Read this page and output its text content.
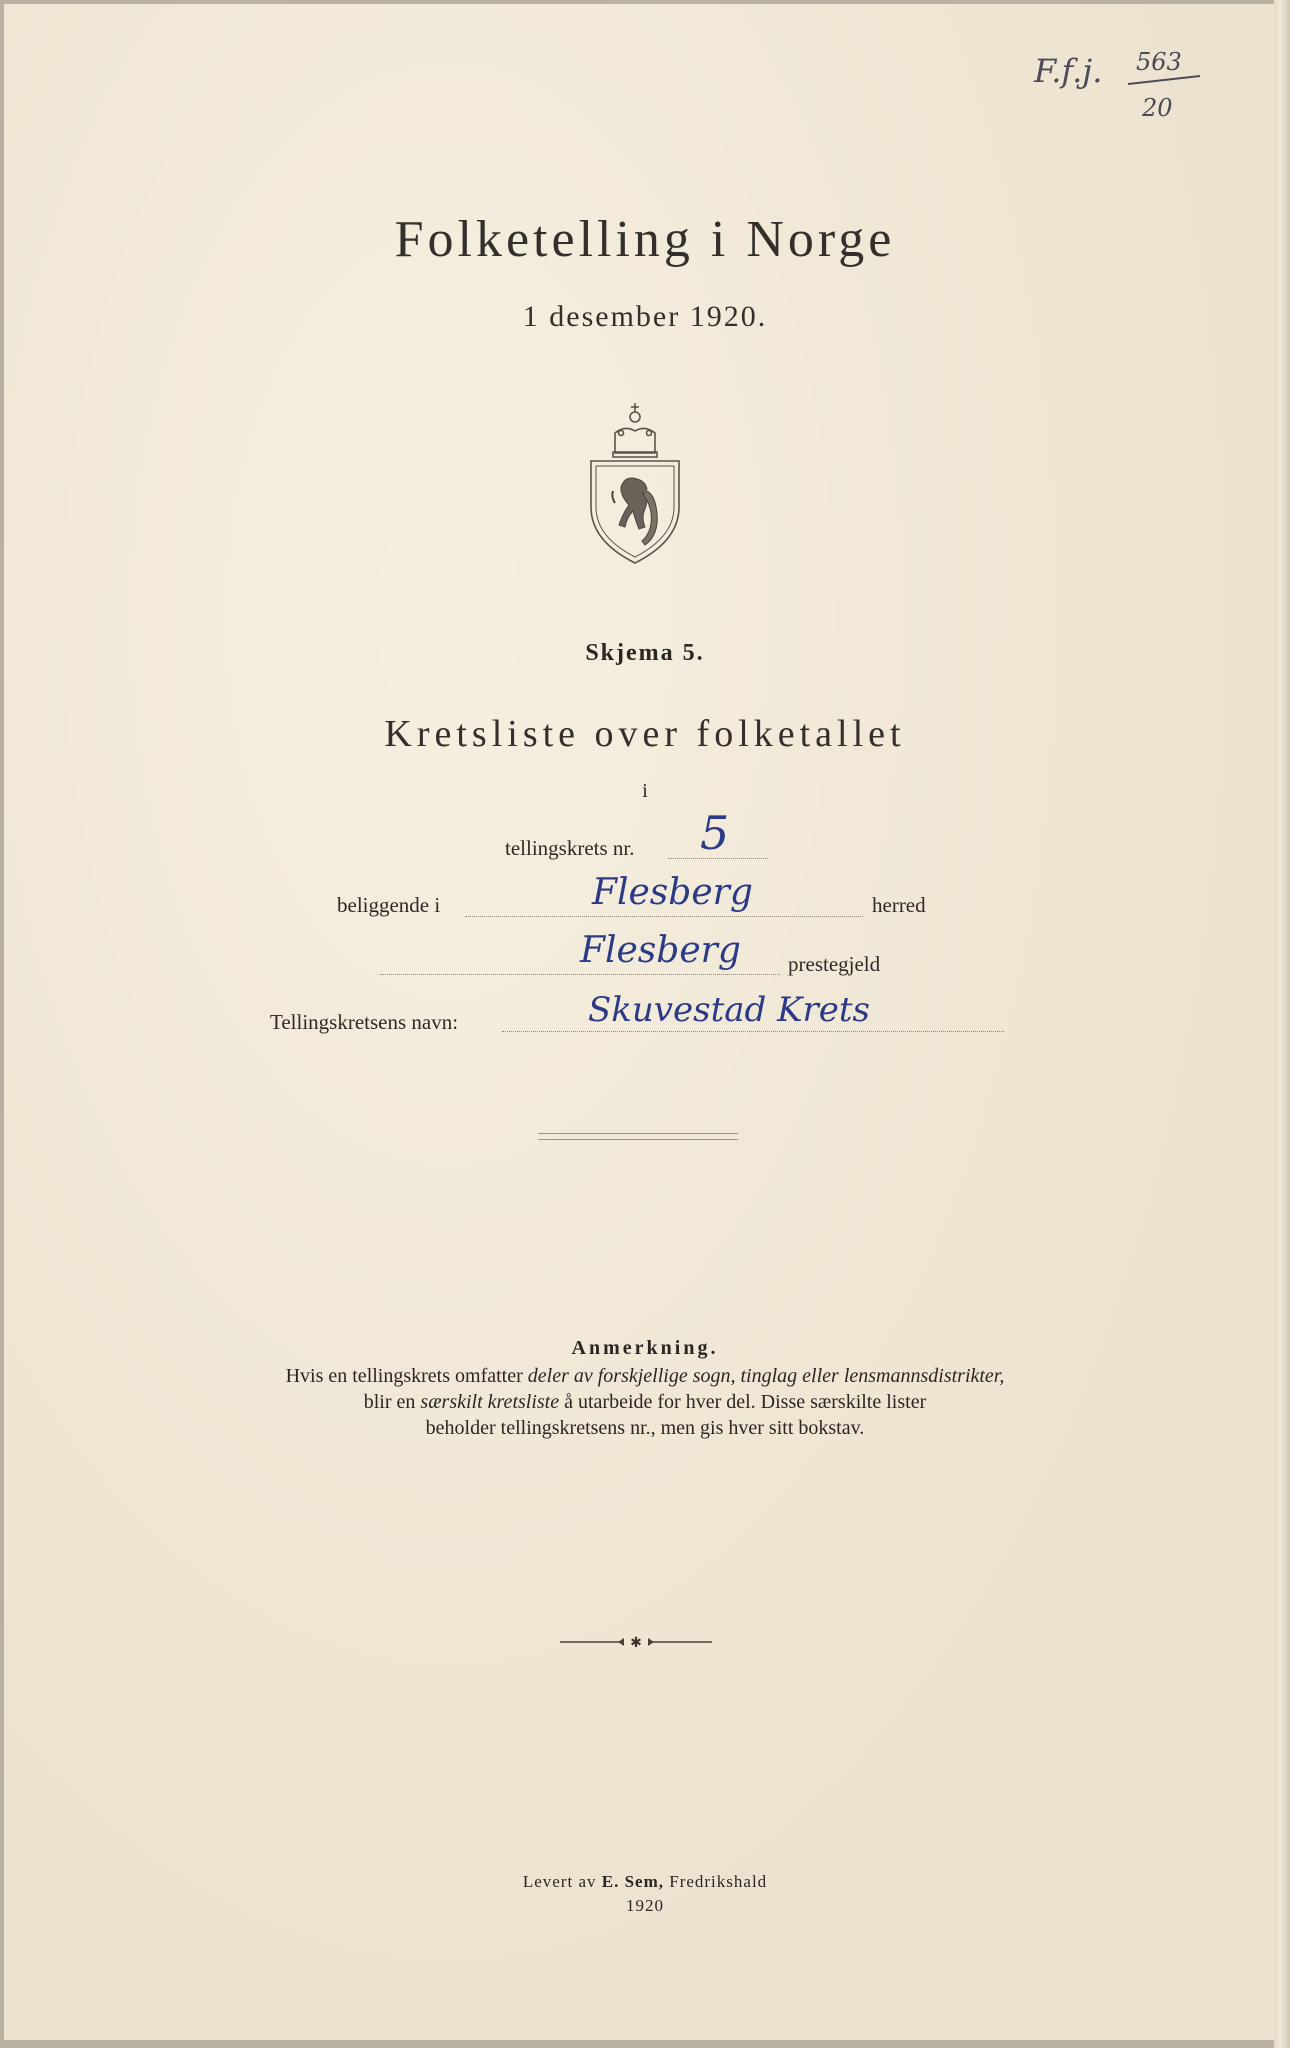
F.f.j. 563
20
Folketelling i Norge
1 desember 1920.
Skjema 5.
Kretsliste over folketallet
i
tellingskrets nr. 5
beliggende i	Flesberg	herred
Flesberg prestegjeld
Tellingskretsens navn:	Skuvestad Krets
Anmerkning.
Hvis en tellingskrets omfatter deler av forskjellige sogn, tinglag eller lensmannsdistrikter,
blir en særskilt kretsliste å utarbeide for hver del. Disse særskilte lister
beholder tellingskretsens nr., men gis hver sitt bokstav.
✱
Levert av E. Sem, Fredrikshald
1920
